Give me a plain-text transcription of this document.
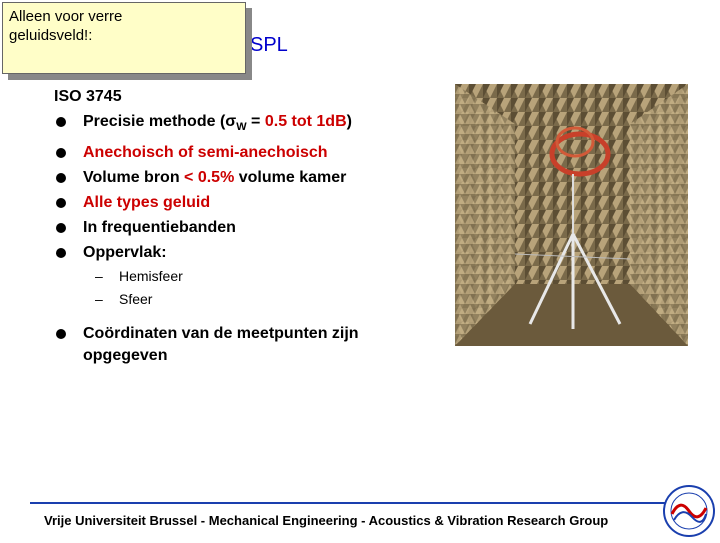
Alleen voor verre
geluidsveld!:	SPL
ISO 3745
Precisie methode ($\sigma_W = 0.5$ tot 1dB)
Anechoisch of semi-anechoisch
Volume bron < 0.5% volume kamer
Alle types geluid
In frequentiebanden
Oppervlak:
– Hemisfeer
– Sfeer
Coördinaten van de meetpunten zijn
opgegeven
Vrije Universiteit Brussel - Mechanical Engineering - Acoustics & Vibration Research Group
